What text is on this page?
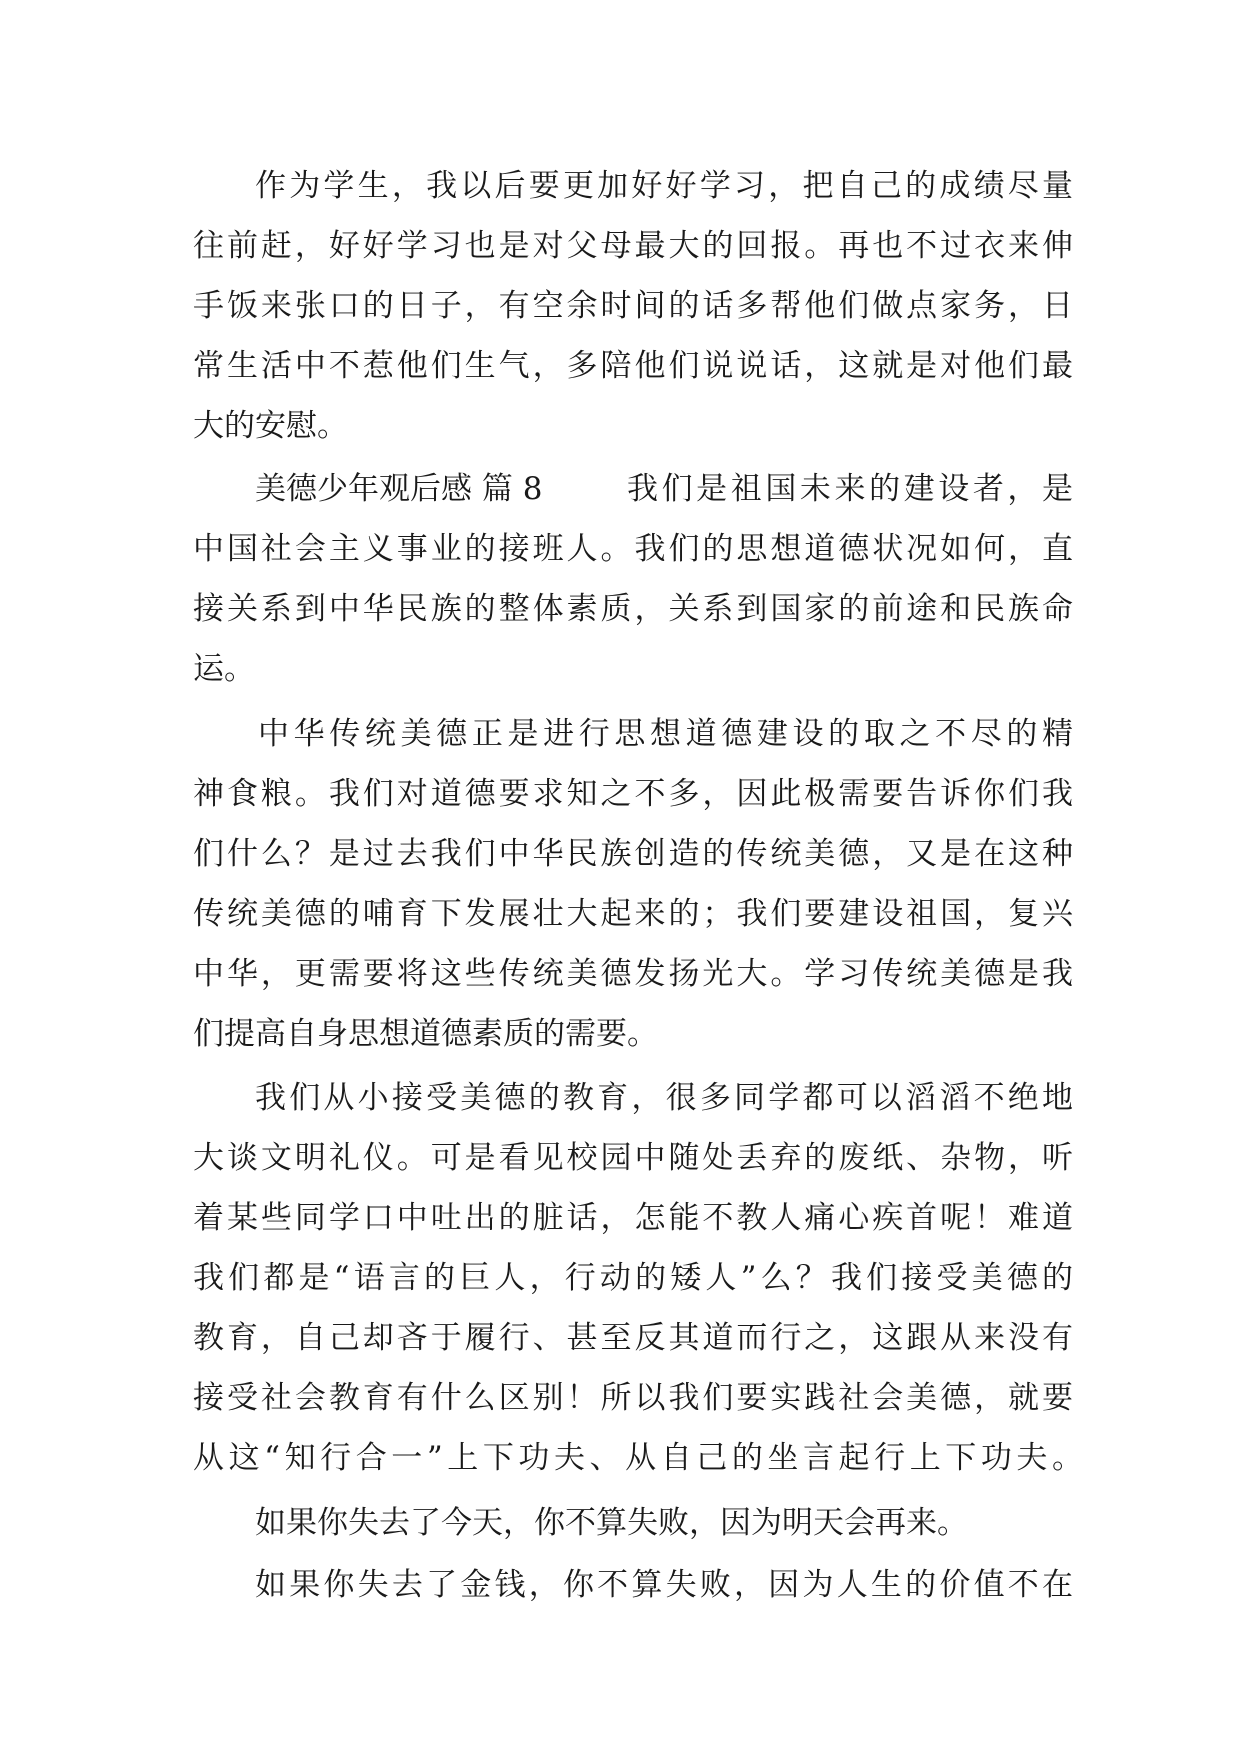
作为学生，我以后要更加好好学习，把自己的成绩尽量
往前赶，好好学习也是对父母最大的回报。再也不过衣来伸
手饭来张口的日子，有空余时间的话多帮他们做点家务，日
常生活中不惹他们生气，多陪他们说说话，这就是对他们最
大的安慰。
美德少年观后感 篇 8	我们是祖国未来的建设者，是
中国社会主义事业的接班人。我们的思想道德状况如何，直
接关系到中华民族的整体素质，关系到国家的前途和民族命
运。
中华传统美德正是进行思想道德建设的取之不尽的精
神食粮。我们对道德要求知之不多，因此极需要告诉你们我
们什么？是过去我们中华民族创造的传统美德，又是在这种
传统美德的哺育下发展壮大起来的；我们要建设祖国，复兴
中华，更需要将这些传统美德发扬光大。学习传统美德是我
们提高自身思想道德素质的需要。
我们从小接受美德的教育，很多同学都可以滔滔不绝地
大谈文明礼仪。可是看见校园中随处丢弃的废纸、杂物，听
着某些同学口中吐出的脏话，怎能不教人痛心疾首呢！难道
我们都是“语言的巨人，行动的矮人”么？我们接受美德的
教育，自己却吝于履行、甚至反其道而行之，这跟从来没有
接受社会教育有什么区别！所以我们要实践社会美德，就要
从这“知行合一”上下功夫、从自己的坐言起行上下功夫。
如果你失去了今天，你不算失败，因为明天会再来。
如果你失去了金钱，你不算失败，因为人生的价值不在
